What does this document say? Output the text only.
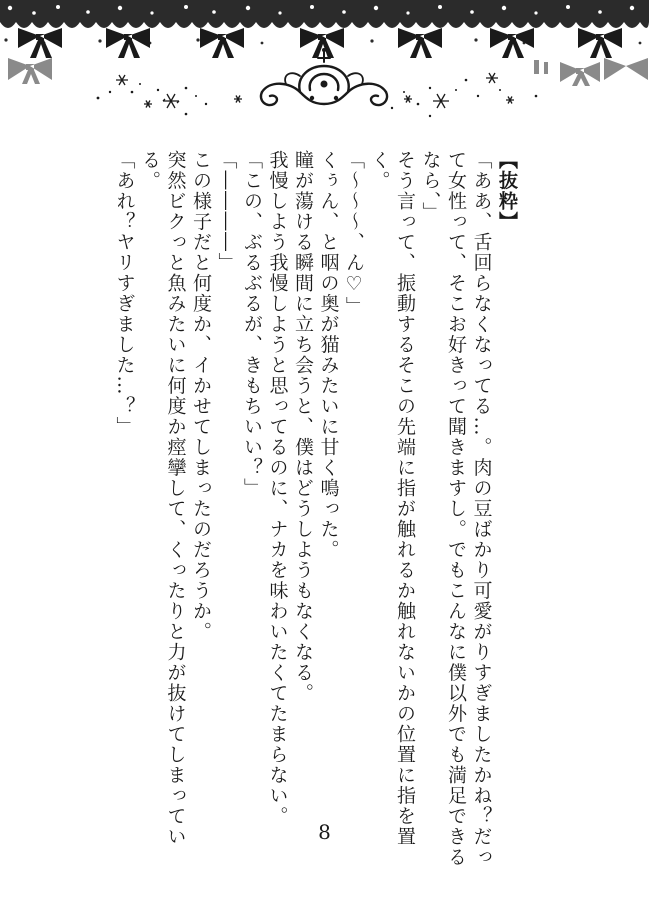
【抜粋】
「ああ、舌回らなくなってる…。肉の豆ばかり可愛がりすぎましたかね？だっ
て女性って、そこお好きって聞きますし。でもこんなに僕以外でも満足できる
なら、」
そう言って、振動するそこの先端に指が触れるか触れないかの位置に指を置
く。
「〜〜〜、ん♡」
くぅん、と咽の奥が猫みたいに甘く鳴った。
瞳が蕩ける瞬間に立ち会うと、僕はどうしようもなくなる。
我慢しよう我慢しようと思ってるのに、ナカを味わいたくてたまらない。
「この、ぶるぶるが、きもちいい？」
「――――」
この様子だと何度か、イかせてしまったのだろうか。
突然ビクっと魚みたいに何度か痙攣して、くったりと力が抜けてしまってい
る。
「あれ？ヤリすぎました…？」
8
